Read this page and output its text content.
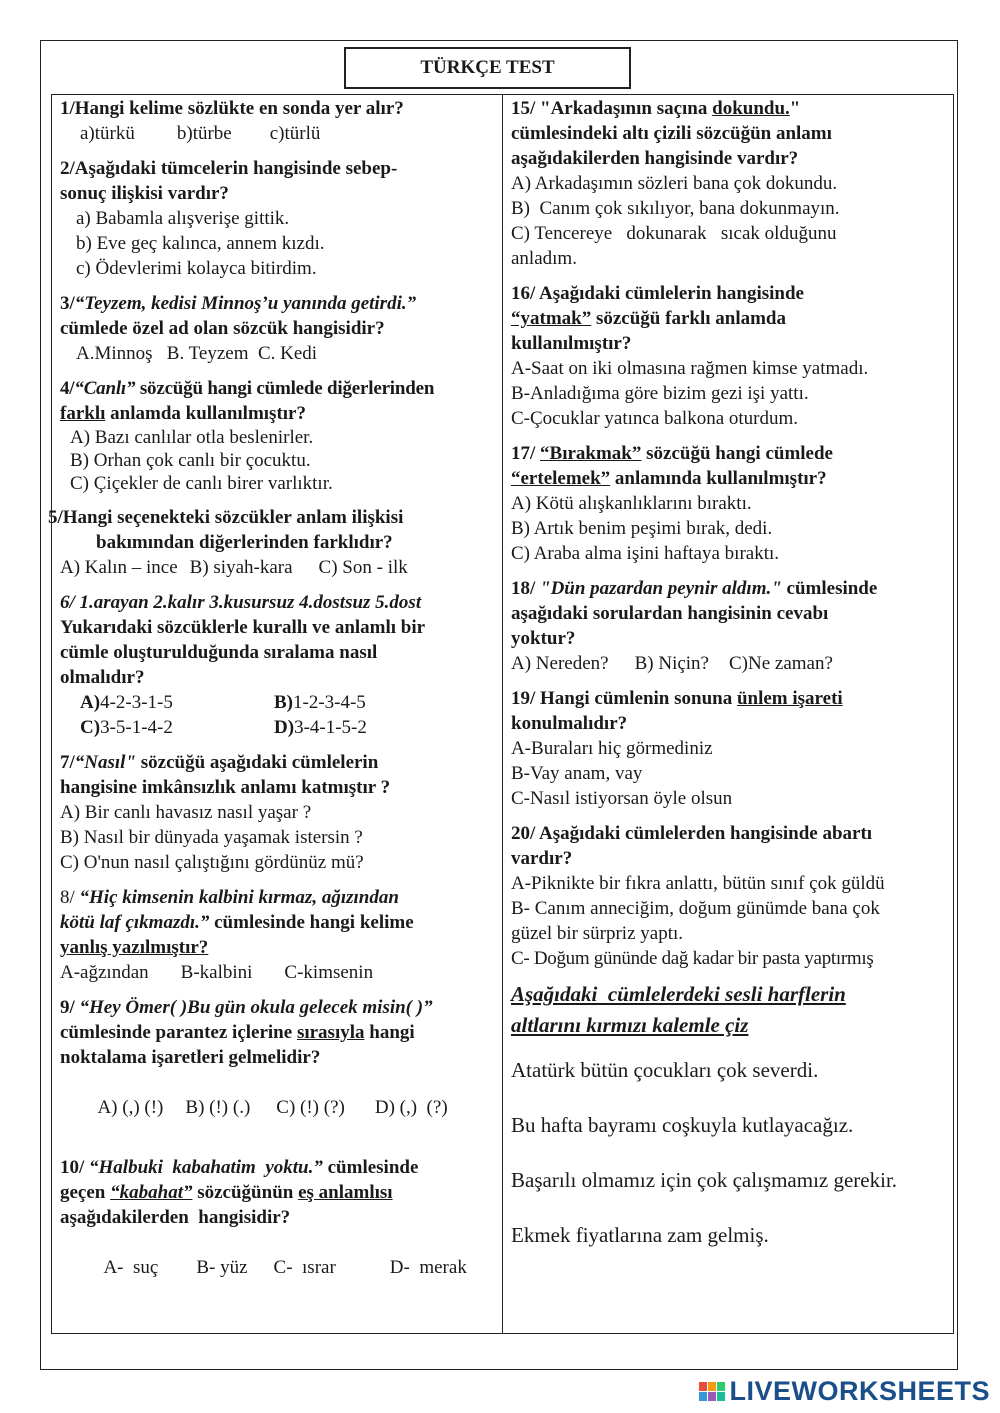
TÜRKÇE TEST
1/Hangi kelime sözlükte en sonda yer alır?
a)türkü b)türbe c)türlü
2/Aşağıdaki tümcelerin hangisinde sebep-
sonuç ilişkisi vardır?
a) Babamla alışverişe gittik.
b) Eve geç kalınca, annem kızdı.
c) Ödevlerimi kolayca bitirdim.
3/“Teyzem, kedisi Minnoş’u yanında getirdi.”
cümlede özel ad olan sözcük hangisidir?
A.Minnoş   B. Teyzem  C. Kedi
4/“Canlı” sözcüğü hangi cümlede diğerlerinden
farklı anlamda kullanılmıştır?
A) Bazı canlılar otla beslenirler.
B) Orhan çok canlı bir çocuktu.
C) Çiçekler de canlı birer varlıktır.
5/Hangi seçenekteki sözcükler anlam ilişkisi
bakımından diğerlerinden farklıdır?
A) Kalın – ince B) siyah-kara C) Son - ilk
6/ 1.arayan 2.kalır 3.kusursuz 4.dostsuz 5.dost
Yukarıdaki sözcüklerle kurallı ve anlamlı bir
cümle oluşturulduğunda sıralama nasıl
olmalıdır?
A)4-2-3-1-5	B)1-2-3-4-5
C)3-5-1-4-2	D)3-4-1-5-2
7/“Nasıl" sözcüğü aşağıdaki cümlelerin
hangisine imkânsızlık anlamı katmıştır ?
A) Bir canlı havasız nasıl yaşar ?
B) Nasıl bir dünyada yaşamak istersin ?
C) O'nun nasıl çalıştığını gördünüz mü?
8/ “Hiç kimsenin kalbini kırmaz, ağızından
kötü laf çıkmazdı.” cümlesinde hangi kelime
yanlış yazılmıştır?
A-ağzından B-kalbini C-kimsenin
9/ “Hey Ömer( )Bu gün okula gelecek misin( )”
cümlesinde parantez içlerine sırasıyla hangi
noktalama işaretleri gelmelidir?

A) (,) (!) B) (!) (.) C) (!) (?) D) (,)  (?)

10/ “Halbuki  kabahatim  yoktu.” cümlesinde
geçen “kabahat” sözcüğünün eş anlamlısı
aşağıdakilerden  hangisidir?

A-  suç B- yüz C-  ısrar	D-  merak

15/ "Arkadaşının saçına dokundu."
cümlesindeki altı çizili sözcüğün anlamı
aşağıdakilerden hangisinde vardır?
A) Arkadaşımın sözleri bana çok dokundu.
B)  Canım çok sıkılıyor, bana dokunmayın.
C) Tencereye   dokunarak   sıcak olduğunu
anladım.
16/ Aşağıdaki cümlelerin hangisinde
“yatmak” sözcüğü farklı anlamda
kullanılmıştır?
A-Saat on iki olmasına rağmen kimse yatmadı.
B-Anladığıma göre bizim gezi işi yattı.
C-Çocuklar yatınca balkona oturdum.
17/ “Bırakmak” sözcüğü hangi cümlede
“ertelemek” anlamında kullanılmıştır?
A) Kötü alışkanlıklarını bıraktı.
B) Artık benim peşimi bırak, dedi.
C) Araba alma işini haftaya bıraktı.
18/ "Dün pazardan peynir aldım." cümlesinde
aşağıdaki sorulardan hangisinin cevabı
yoktur?
A) Nereden? B) Niçin? C)Ne zaman?
19/ Hangi cümlenin sonuna ünlem işareti
konulmalıdır?
A-Buraları hiç görmediniz
B-Vay anam, vay
C-Nasıl istiyorsan öyle olsun
20/ Aşağıdaki cümlelerden hangisinde abartı
vardır?
A-Piknikte bir fıkra anlattı, bütün sınıf çok güldü
B- Canım anneciğim, doğum günümde bana çok
güzel bir sürpriz yaptı.
C- Doğum gününde dağ kadar bir pasta yaptırmış
Aşağıdaki  cümlelerdeki sesli harflerin
altlarını kırmızı kalemle çiz
Atatürk bütün çocukları çok severdi.
Bu hafta bayramı coşkuyla kutlayacağız.
Başarılı olmamız için çok çalışmamız gerekir.
Ekmek fiyatlarına zam gelmiş.
LIVEWORKSHEETS
